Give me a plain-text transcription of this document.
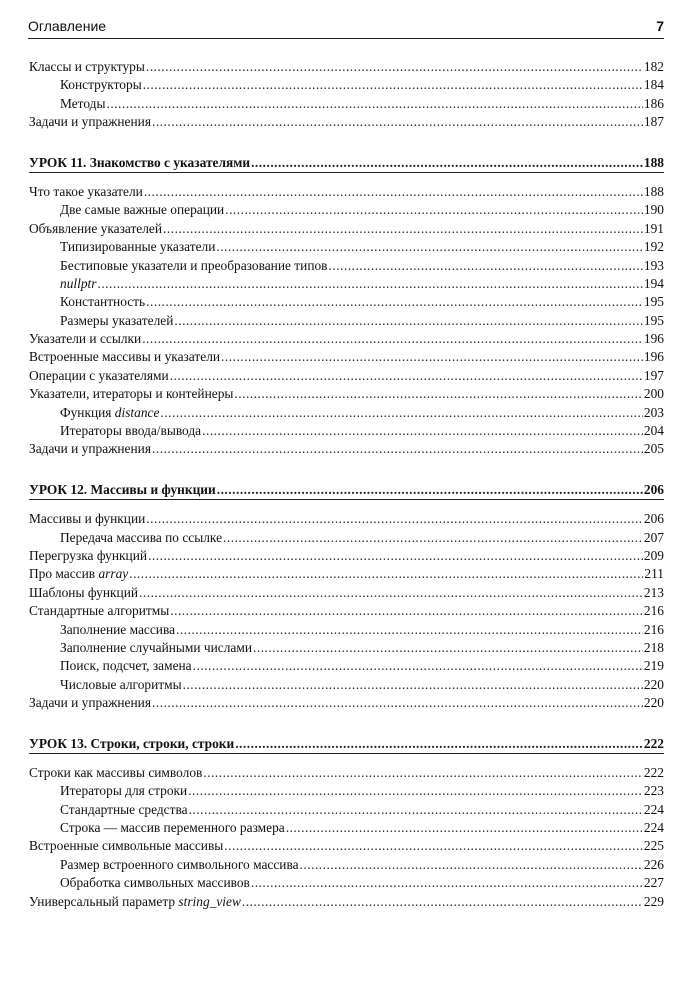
Оглавление	7
Классы и структуры .....	182
Конструкторы .....	184
Методы .....	186
Задачи и упражнения .....	187
УРОК 11. Знакомство с указателями .....	188
Что такое указатели .....	188
Две самые важные операции .....	190
Объявление указателей .....	191
Типизированные указатели .....	192
Бестиповые указатели и преобразование типов .....	193
nullptr .....	194
Константность .....	195
Размеры указателей .....	195
Указатели и ссылки .....	196
Встроенные массивы и указатели .....	196
Операции с указателями .....	197
Указатели, итераторы и контейнеры .....	200
Функция distance .....	203
Итераторы ввода/вывода .....	204
Задачи и упражнения .....	205
УРОК 12. Массивы и функции .....	206
Массивы и функции .....	206
Передача массива по ссылке .....	207
Перегрузка функций .....	209
Про массив array .....	211
Шаблоны функций .....	213
Стандартные алгоритмы .....	216
Заполнение массива .....	216
Заполнение случайными числами .....	218
Поиск, подсчет, замена .....	219
Числовые алгоритмы .....	220
Задачи и упражнения .....	220
УРОК 13. Строки, строки, строки .....	222
Строки как массивы символов .....	222
Итераторы для строки .....	223
Стандартные средства .....	224
Строка — массив переменного размера .....	224
Встроенные символьные массивы .....	225
Размер встроенного символьного массива .....	226
Обработка символьных массивов .....	227
Универсальный параметр string_view .....	229
